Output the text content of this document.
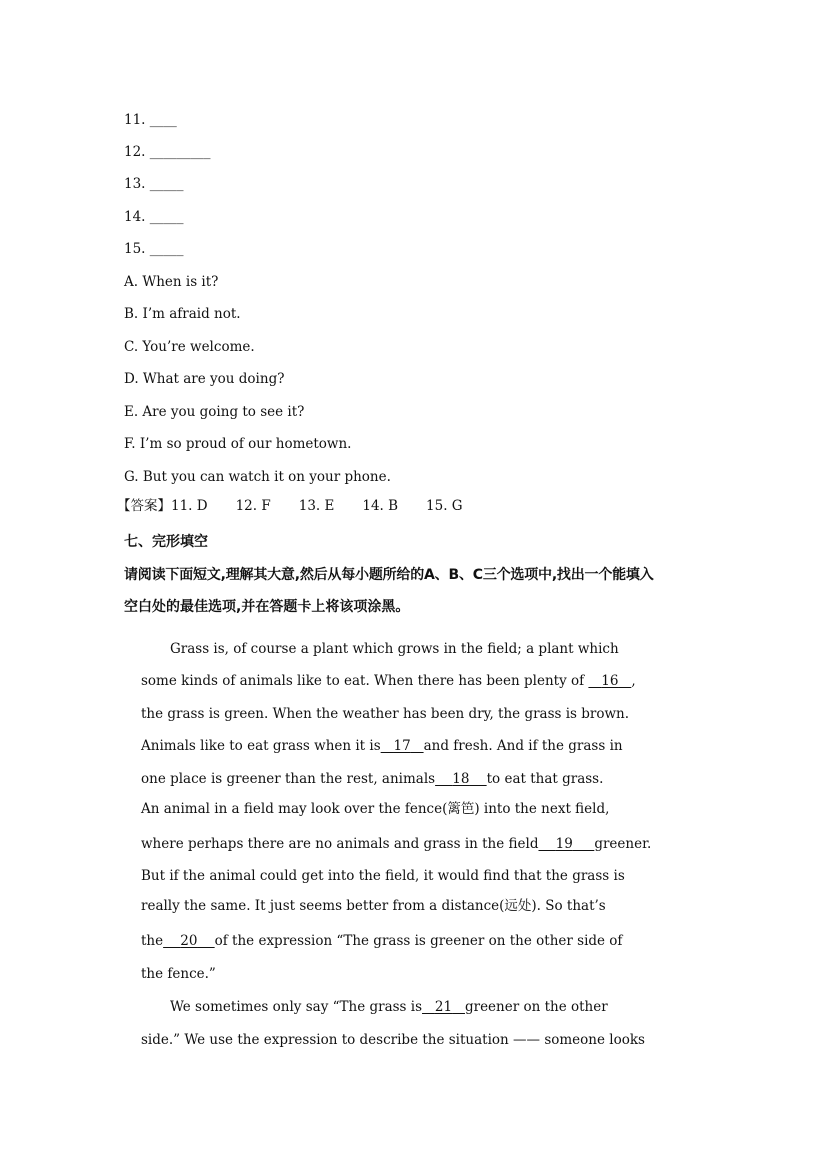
11. ____
12. _________
13. _____
14. _____
15. _____
A. When is it?
B. I’m afraid not.
C. You’re welcome.
D. What are you doing?
E. Are you going to see it?
F. I’m so proud of our hometown.
G. But you can watch it on your phone.
【答案】11. D 12. F 13. E 14. B 15. G
七、完形填空
请阅读下面短文,理解其大意,然后从每小题所给的A、B、C三个选项中,找出一个能填入
空白处的最佳选项,并在答题卡上将该项涂黑。
Grass is, of course a plant which grows in the field; a plant which
some kinds of animals like to eat. When there has been plenty of    16 ,
the grass is green. When the weather has been dry, the grass is brown.
Animals like to eat grass when it is 17 and fresh. And if the grass in
one place is greener than the rest, animals 18 to eat that grass.
An animal in a field may look over the fence(篱笆) into the next field,
where perhaps there are no animals and grass in the field 19 greener.
But if the animal could get into the field, it would find that the grass is
really the same. It just seems better from a distance(远处). So that’s
the 20 of the expression “The grass is greener on the other side of
the fence.”
We sometimes only say “The grass is 21 greener on the other
side.” We use the expression to describe the situation —— someone looks
